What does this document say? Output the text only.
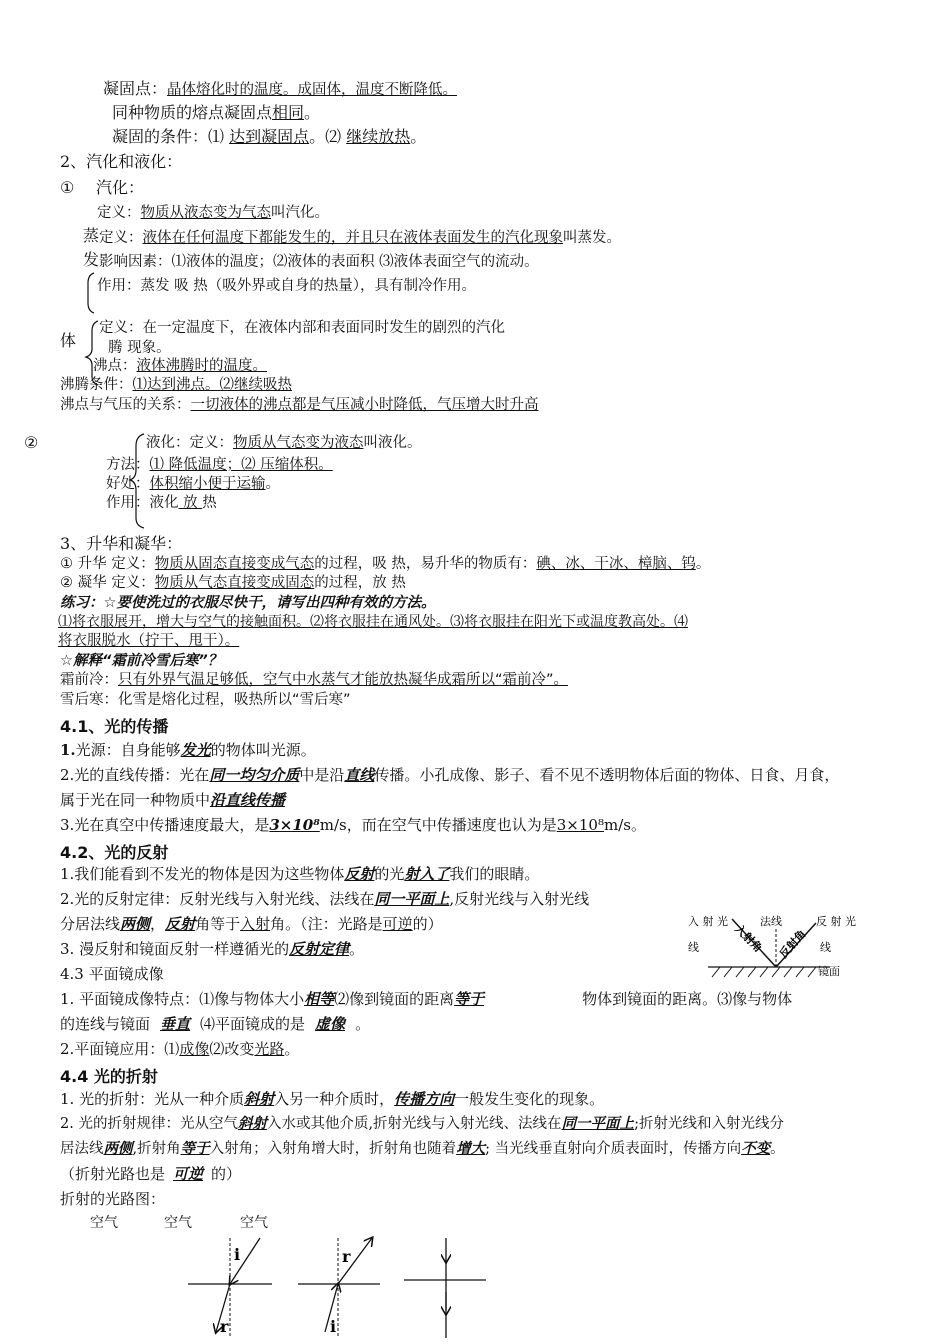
凝固点：晶体熔化时的温度。成固体，温度不断降低。
同种物质的熔点凝固点相同。
凝固的条件：⑴ 达到凝固点。⑵ 继续放热。
2、汽化和液化：
① 汽化：
定义：物质从液态变为气态叫汽化。
蒸
发
定义：液体在任何温度下都能发生的，并且只在液体表面发生的汽化现象叫蒸发。
影响因素：⑴液体的温度；⑵液体的表面积 ⑶液体表面空气的流动。
作用：蒸发 吸 热（吸外界或自身的热量），具有制冷作用。
体
定义：在一定温度下，在液体内部和表面同时发生的剧烈的汽化
腾 现象。
沸点：液体沸腾时的温度。
沸腾条件：⑴达到沸点。⑵继续吸热
沸点与气压的关系：一切液体的沸点都是气压减小时降低，气压增大时升高
②	液化：定义：物质从气态变为液态叫液化。
方法：⑴ 降低温度；⑵ 压缩体积。
好处：体积缩小便于运输。
作用：液化 放 热
3、升华和凝华：
① 升华 定义：物质从固态直接变成气态的过程，吸 热，易升华的物质有：碘、冰、干冰、樟脑、钨。
② 凝华 定义：物质从气态直接变成固态的过程，放 热
练习：☆要使洗过的衣服尽快干，请写出四种有效的方法。
⑴将衣服展开，增大与空气的接触面积。⑵将衣服挂在通风处。⑶将衣服挂在阳光下或温度教高处。⑷
将衣服脱水（拧干、甩干）。
☆解释“霜前冷雪后寒”？
霜前冷：只有外界气温足够低，空气中水蒸气才能放热凝华成霜所以“霜前冷”。
雪后寒：化雪是熔化过程，吸热所以“雪后寒”
4.1、光的传播
1.光源：自身能够发光的物体叫光源。
2.光的直线传播：光在同一均匀介质中是沿直线传播。小孔成像、影子、看不见不透明物体后面的物体、日食、月食，
属于光在同一种物质中沿直线传播
3.光在真空中传播速度最大，是3×10⁸m/s，而在空气中传播速度也认为是3×10⁸m/s。
4.2、光的反射
1.我们能看到不发光的物体是因为这些物体反射的光射入了我们的眼睛。
2.光的反射定律：反射光线与入射光线、法线在同一平面上,反射光线与入射光线
分居法线两侧，反射角等于入射角。（注：光路是可逆的）
3. 漫反射和镜面反射一样遵循光的反射定律。
入 射 光
线
法线	反 射 光
线
镜面
入射角 反射角
4.3 平面镜成像
1. 平面镜成像特点：⑴像与物体大小相等⑵像到镜面的距离等于	物体到镜面的距离。⑶像与物体
的连线与镜面 垂直 ⑷平面镜成的是 虚像 。
2.平面镜应用：⑴成像⑵改变光路。
4.4 光的折射
1. 光的折射：光从一种介质斜射入另一种介质时，传播方向一般发生变化的现象。
2. 光的折射规律：光从空气斜射入水或其他介质,折射光线与入射光线、法线在同一平面上;折射光线和入射光线分
居法线两侧,折射角等于入射角；入射角增大时，折射角也随着增大; 当光线垂直射向介质表面时，传播方向不变。
（折射光路也是 可逆 的）
折射的光路图：
空气	空气	空气
i
r
r
i
